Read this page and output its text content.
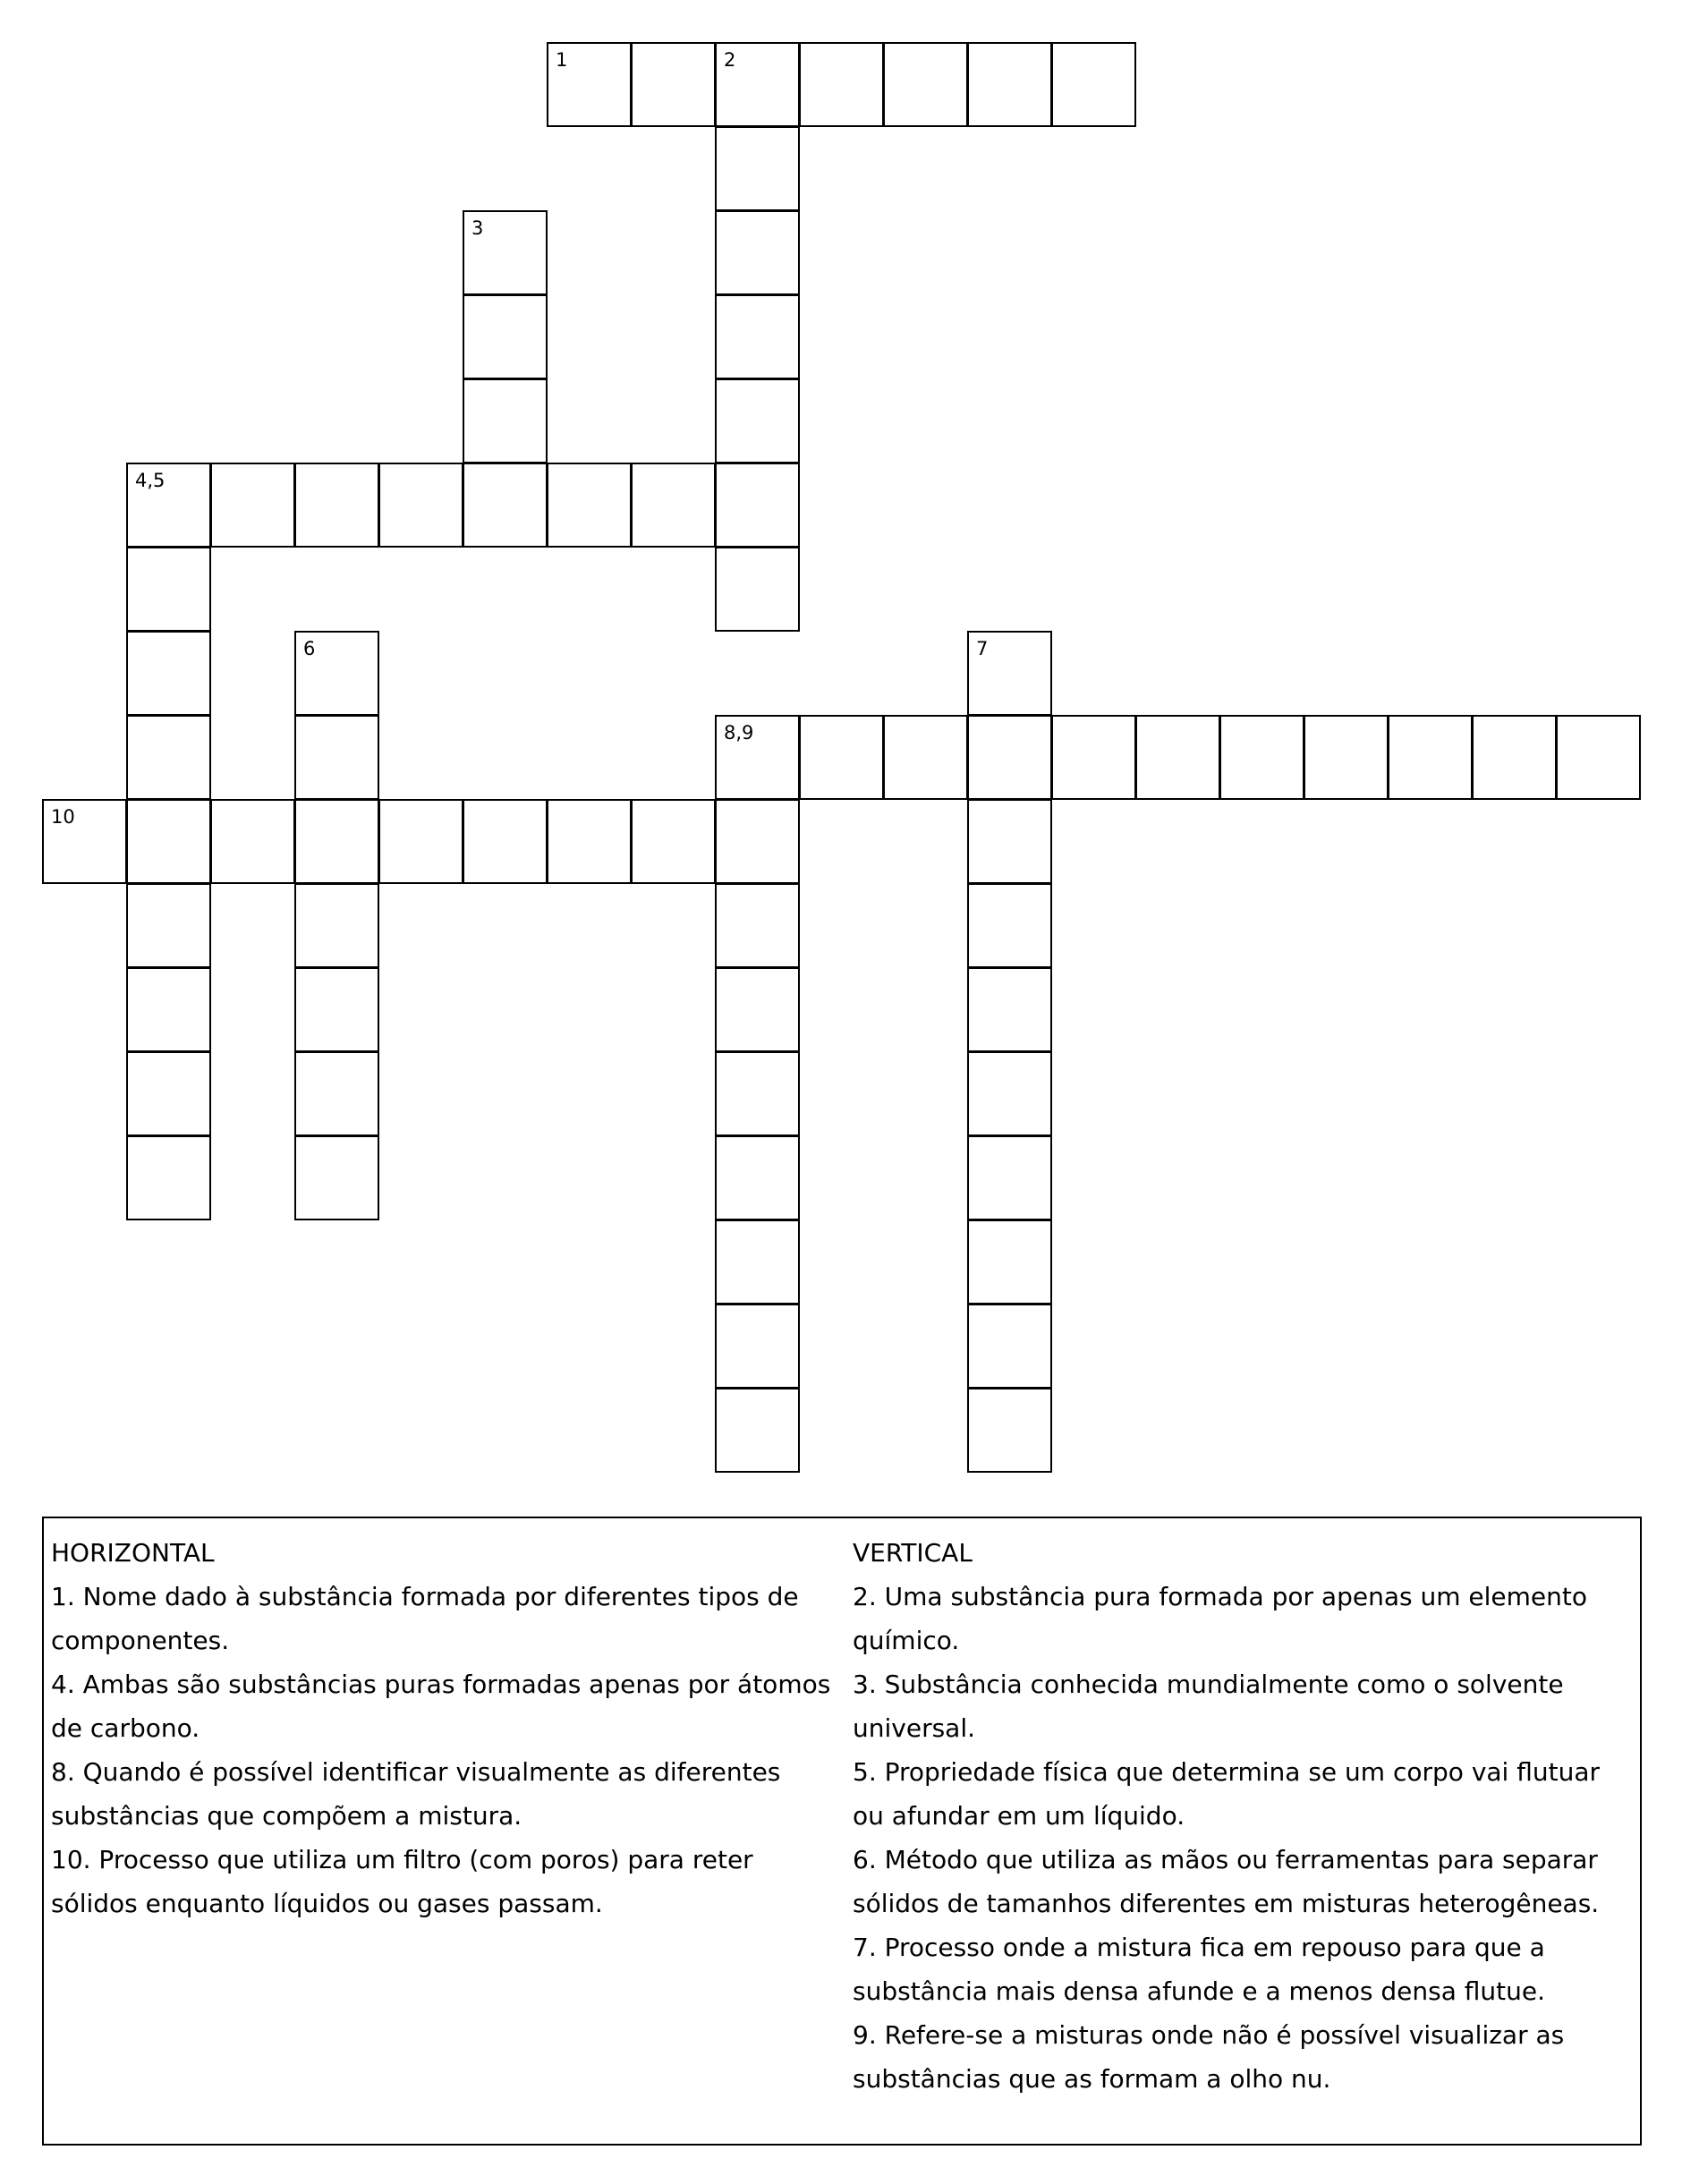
1	2
3
4,5
6	7
8,9
10

HORIZONTAL

1. Nome dado à substância formada por diferentes tipos de componentes.

4. Ambas são substâncias puras formadas apenas por átomos de carbono.

8. Quando é possível identificar visualmente as diferentes substâncias que compõem a mistura.

10. Processo que utiliza um filtro (com poros) para reter sólidos enquanto líquidos ou gases passam.

VERTICAL

2. Uma substância pura formada por apenas um elemento químico.

3. Substância conhecida mundialmente como o solvente universal.

5. Propriedade física que determina se um corpo vai flutuar ou afundar em um líquido.

6. Método que utiliza as mãos ou ferramentas para separar sólidos de tamanhos diferentes em misturas heterogêneas.

7. Processo onde a mistura fica em repouso para que a substância mais densa afunde e a menos densa flutue.

9. Refere-se a misturas onde não é possível visualizar as substâncias que as formam a olho nu.
